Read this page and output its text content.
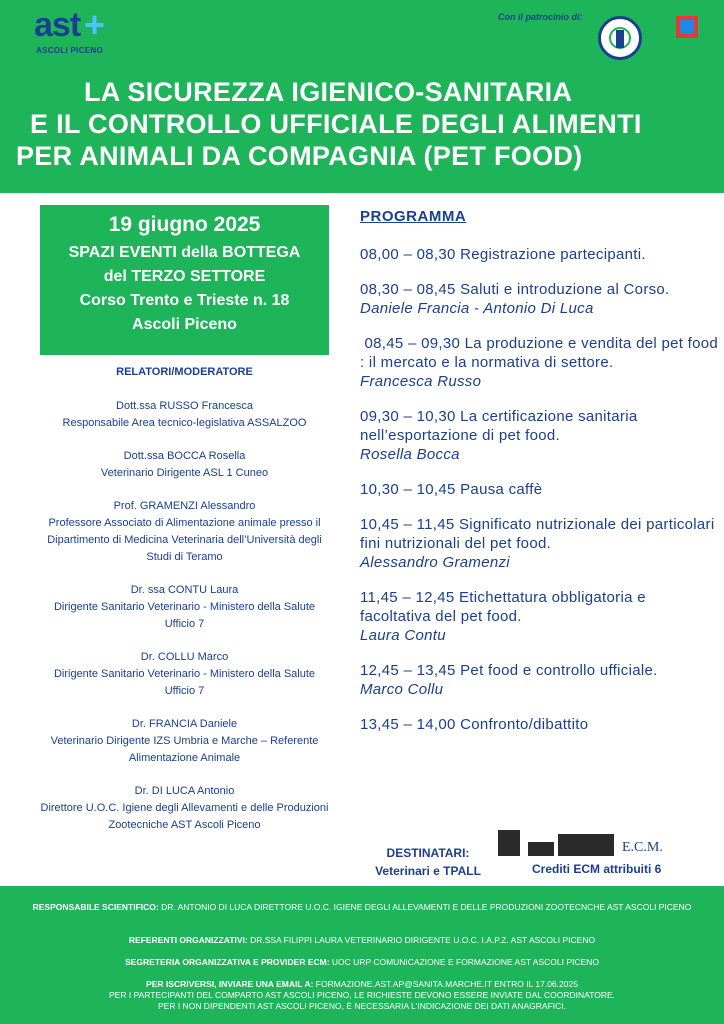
ast +
ASCOLI PICENO
Con il patrocinio di:
LA SICUREZZA IGIENICO-SANITARIA
E IL CONTROLLO UFFICIALE DEGLI ALIMENTI
PER ANIMALI DA COMPAGNIA (PET FOOD)
19 giugno 2025
SPAZI EVENTI della BOTTEGA
del TERZO SETTORE
Corso Trento e Trieste n. 18
Ascoli Piceno
RELATORI/MODERATORE
Dott.ssa RUSSO Francesca
Responsabile Area tecnico-legislativa ASSALZOO
Dott.ssa BOCCA Rosella
Veterinario Dirigente ASL 1 Cuneo
Prof. GRAMENZI Alessandro
Professore Associato di Alimentazione animale presso il Dipartimento di Medicina Veterinaria dell’Università degli Studi di Teramo
Dr. ssa CONTU Laura
Dirigente Sanitario Veterinario - Ministero della Salute Ufficio 7
Dr. COLLU Marco
Dirigente Sanitario Veterinario - Ministero della Salute Ufficio 7
Dr. FRANCIA Daniele
Veterinario Dirigente IZS Umbria e Marche – Referente Alimentazione Animale
Dr. DI LUCA Antonio
Direttore U.O.C. Igiene degli Allevamenti e delle Produzioni Zootecniche AST Ascoli Piceno
PROGRAMMA
08,00 – 08,30 Registrazione partecipanti.
08,30 – 08,45 Saluti e introduzione al Corso.
Daniele Francia - Antonio Di Luca
08,45 – 09,30 La produzione e vendita del pet food : il mercato e la normativa di settore.
Francesca Russo
09,30 – 10,30 La certificazione sanitaria nell’esportazione di pet food.
Rosella Bocca
10,30 – 10,45 Pausa caffè
10,45 – 11,45 Significato nutrizionale dei particolari fini nutrizionali del pet food.
Alessandro Gramenzi
11,45 – 12,45 Etichettatura obbligatoria e facoltativa del pet food.
Laura Contu
12,45 – 13,45 Pet food e controllo ufficiale.
Marco Collu
13,45 – 14,00 Confronto/dibattito
DESTINATARI:
Veterinari e TPALL
E.C.M.
Crediti ECM attribuiti 6
RESPONSABILE SCIENTIFICO: DR. ANTONIO DI LUCA DIRETTORE U.O.C. IGIENE DEGLI ALLEVAMENTI E DELLE PRODUZIONI ZOOTECNCHE AST ASCOLI PICENO
REFERENTI ORGANIZZATIVI: DR.SSA FILIPPI LAURA VETERINARIO DIRIGENTE U.O.C. I.A.P.Z. AST ASCOLI PICENO
SEGRETERIA ORGANIZZATIVA E PROVIDER ECM: UOC URP COMUNICAZIONE E FORMAZIONE AST ASCOLI PICENO
PER ISCRIVERSI, INVIARE UNA EMAIL A: FORMAZIONE.AST.AP@SANITA.MARCHE.IT ENTRO IL 17.06.2025
PER I PARTECIPANTI DEL COMPARTO AST ASCOLI PICENO, LE RICHIESTE DEVONO ESSERE INVIATE DAL COORDINATORE.
PER I NON DIPENDENTI AST ASCOLI PICENO, È NECESSARIA L'INDICAZIONE DEI DATI ANAGRAFICI.
